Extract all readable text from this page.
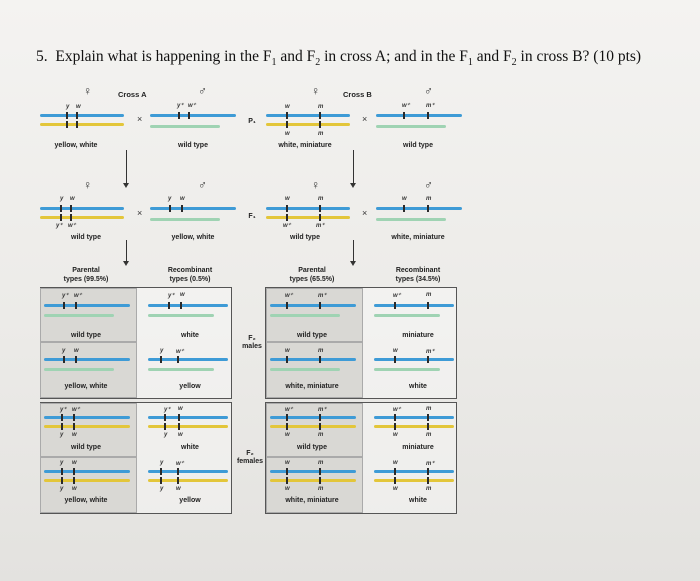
5. Explain what is happening in the $F_1$ and $F_2$ in cross A; and in the $F_1$ and $F_2$ in cross B? (10 pts)
Cross A	Cross B
♀	♂	♀	♂
y w
×
y⁺ w⁺
P₁
w	m
w	m
×
w⁺	m⁺
yellow, white	wild type	white, miniature	wild type
♀	♂	♀	♂
y w
y⁺ w⁺
×
y w
F₁
w	m
w⁺	m⁺
×
w	m
wild type	yellow, white	wild type	white, miniature
Parental
types (99.5%)
Recombinant
types (0.5%)
Parental
types (65.5%)
Recombinant
types (34.5%)
y⁺ w⁺	y⁺ w
wild type	white
y w	y w⁺
yellow, white	yellow
F₂
males
w⁺	m⁺	w⁺	m
wild type	miniature
w	m	w	m⁺
white, miniature	white
y⁺ w⁺
y w
y⁺ w
y w
wild type	white
y w
y w
y w⁺
y w
yellow, white	yellow
F₂
females
w⁺	m⁺
w	m
w⁺	m
w	m
wild type	miniature
w	m
w	m
w	m⁺
w	m
white, miniature	white
